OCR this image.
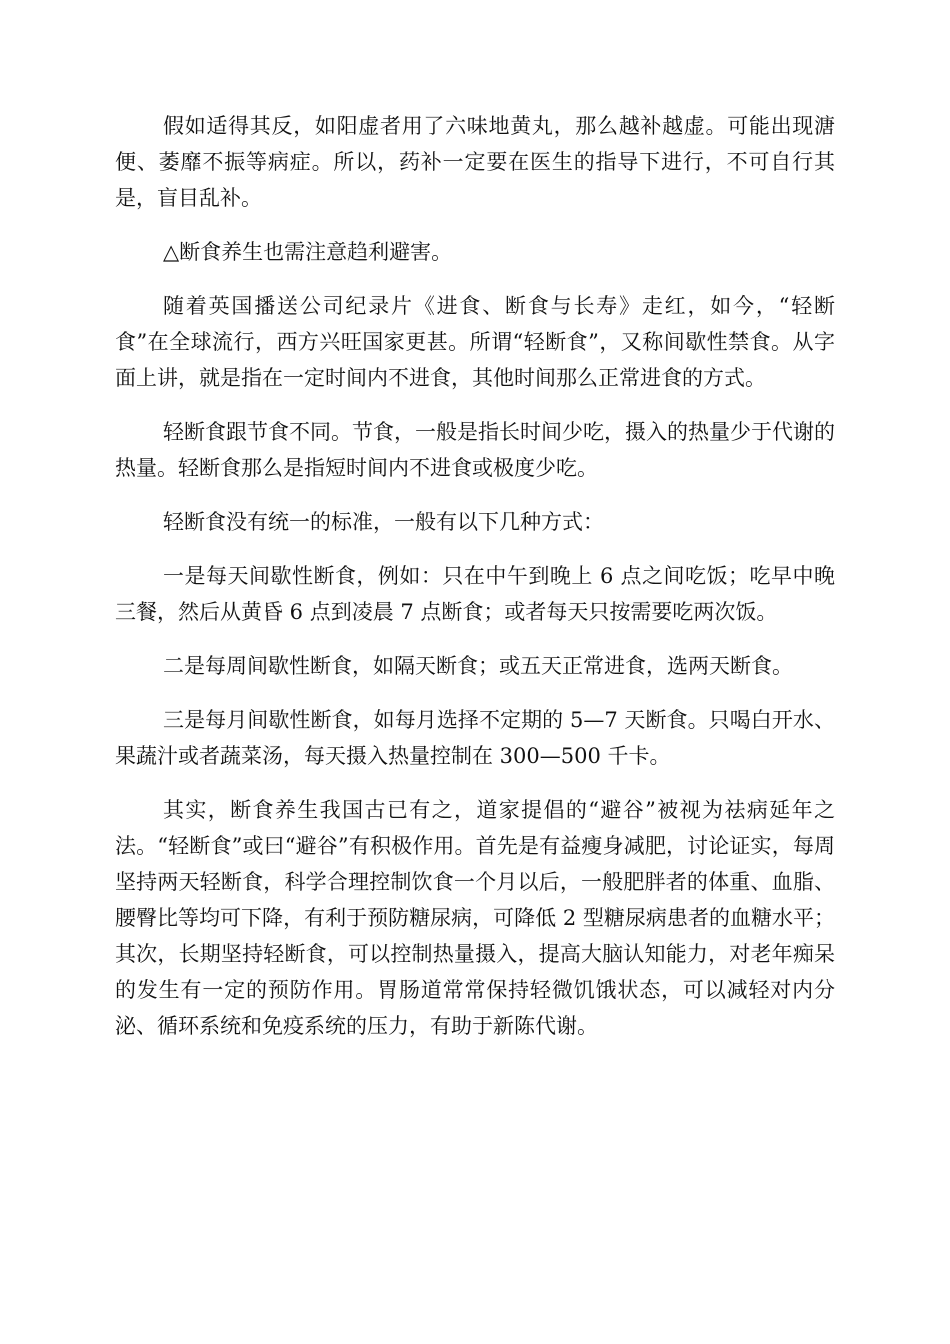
假如适得其反，如阳虚者用了六味地黄丸，那么越补越虚。可能出现溏便、萎靡不振等病症。所以，药补一定要在医生的指导下进行，不可自行其是，盲目乱补。

△断食养生也需注意趋利避害。

随着英国播送公司纪录片《进食、断食与长寿》走红，如今，“轻断食”在全球流行，西方兴旺国家更甚。所谓“轻断食”，又称间歇性禁食。从字面上讲，就是指在一定时间内不进食，其他时间那么正常进食的方式。

轻断食跟节食不同。节食，一般是指长时间少吃，摄入的热量少于代谢的热量。轻断食那么是指短时间内不进食或极度少吃。

轻断食没有统一的标准，一般有以下几种方式：

一是每天间歇性断食，例如：只在中午到晚上 6 点之间吃饭；吃早中晚三餐，然后从黄昏 6 点到凌晨 7 点断食；或者每天只按需要吃两次饭。

二是每周间歇性断食，如隔天断食；或五天正常进食，选两天断食。

三是每月间歇性断食，如每月选择不定期的 5—7 天断食。只喝白开水、果蔬汁或者蔬菜汤，每天摄入热量控制在 300—500 千卡。

其实，断食养生我国古已有之，道家提倡的“避谷”被视为祛病延年之法。“轻断食”或曰“避谷”有积极作用。首先是有益瘦身减肥，讨论证实，每周坚持两天轻断食，科学合理控制饮食一个月以后，一般肥胖者的体重、血脂、腰臀比等均可下降，有利于预防糖尿病，可降低 2 型糖尿病患者的血糖水平；其次，长期坚持轻断食，可以控制热量摄入，提高大脑认知能力，对老年痴呆的发生有一定的预防作用。胃肠道常常保持轻微饥饿状态，可以减轻对内分泌、循环系统和免疫系统的压力，有助于新陈代谢。
